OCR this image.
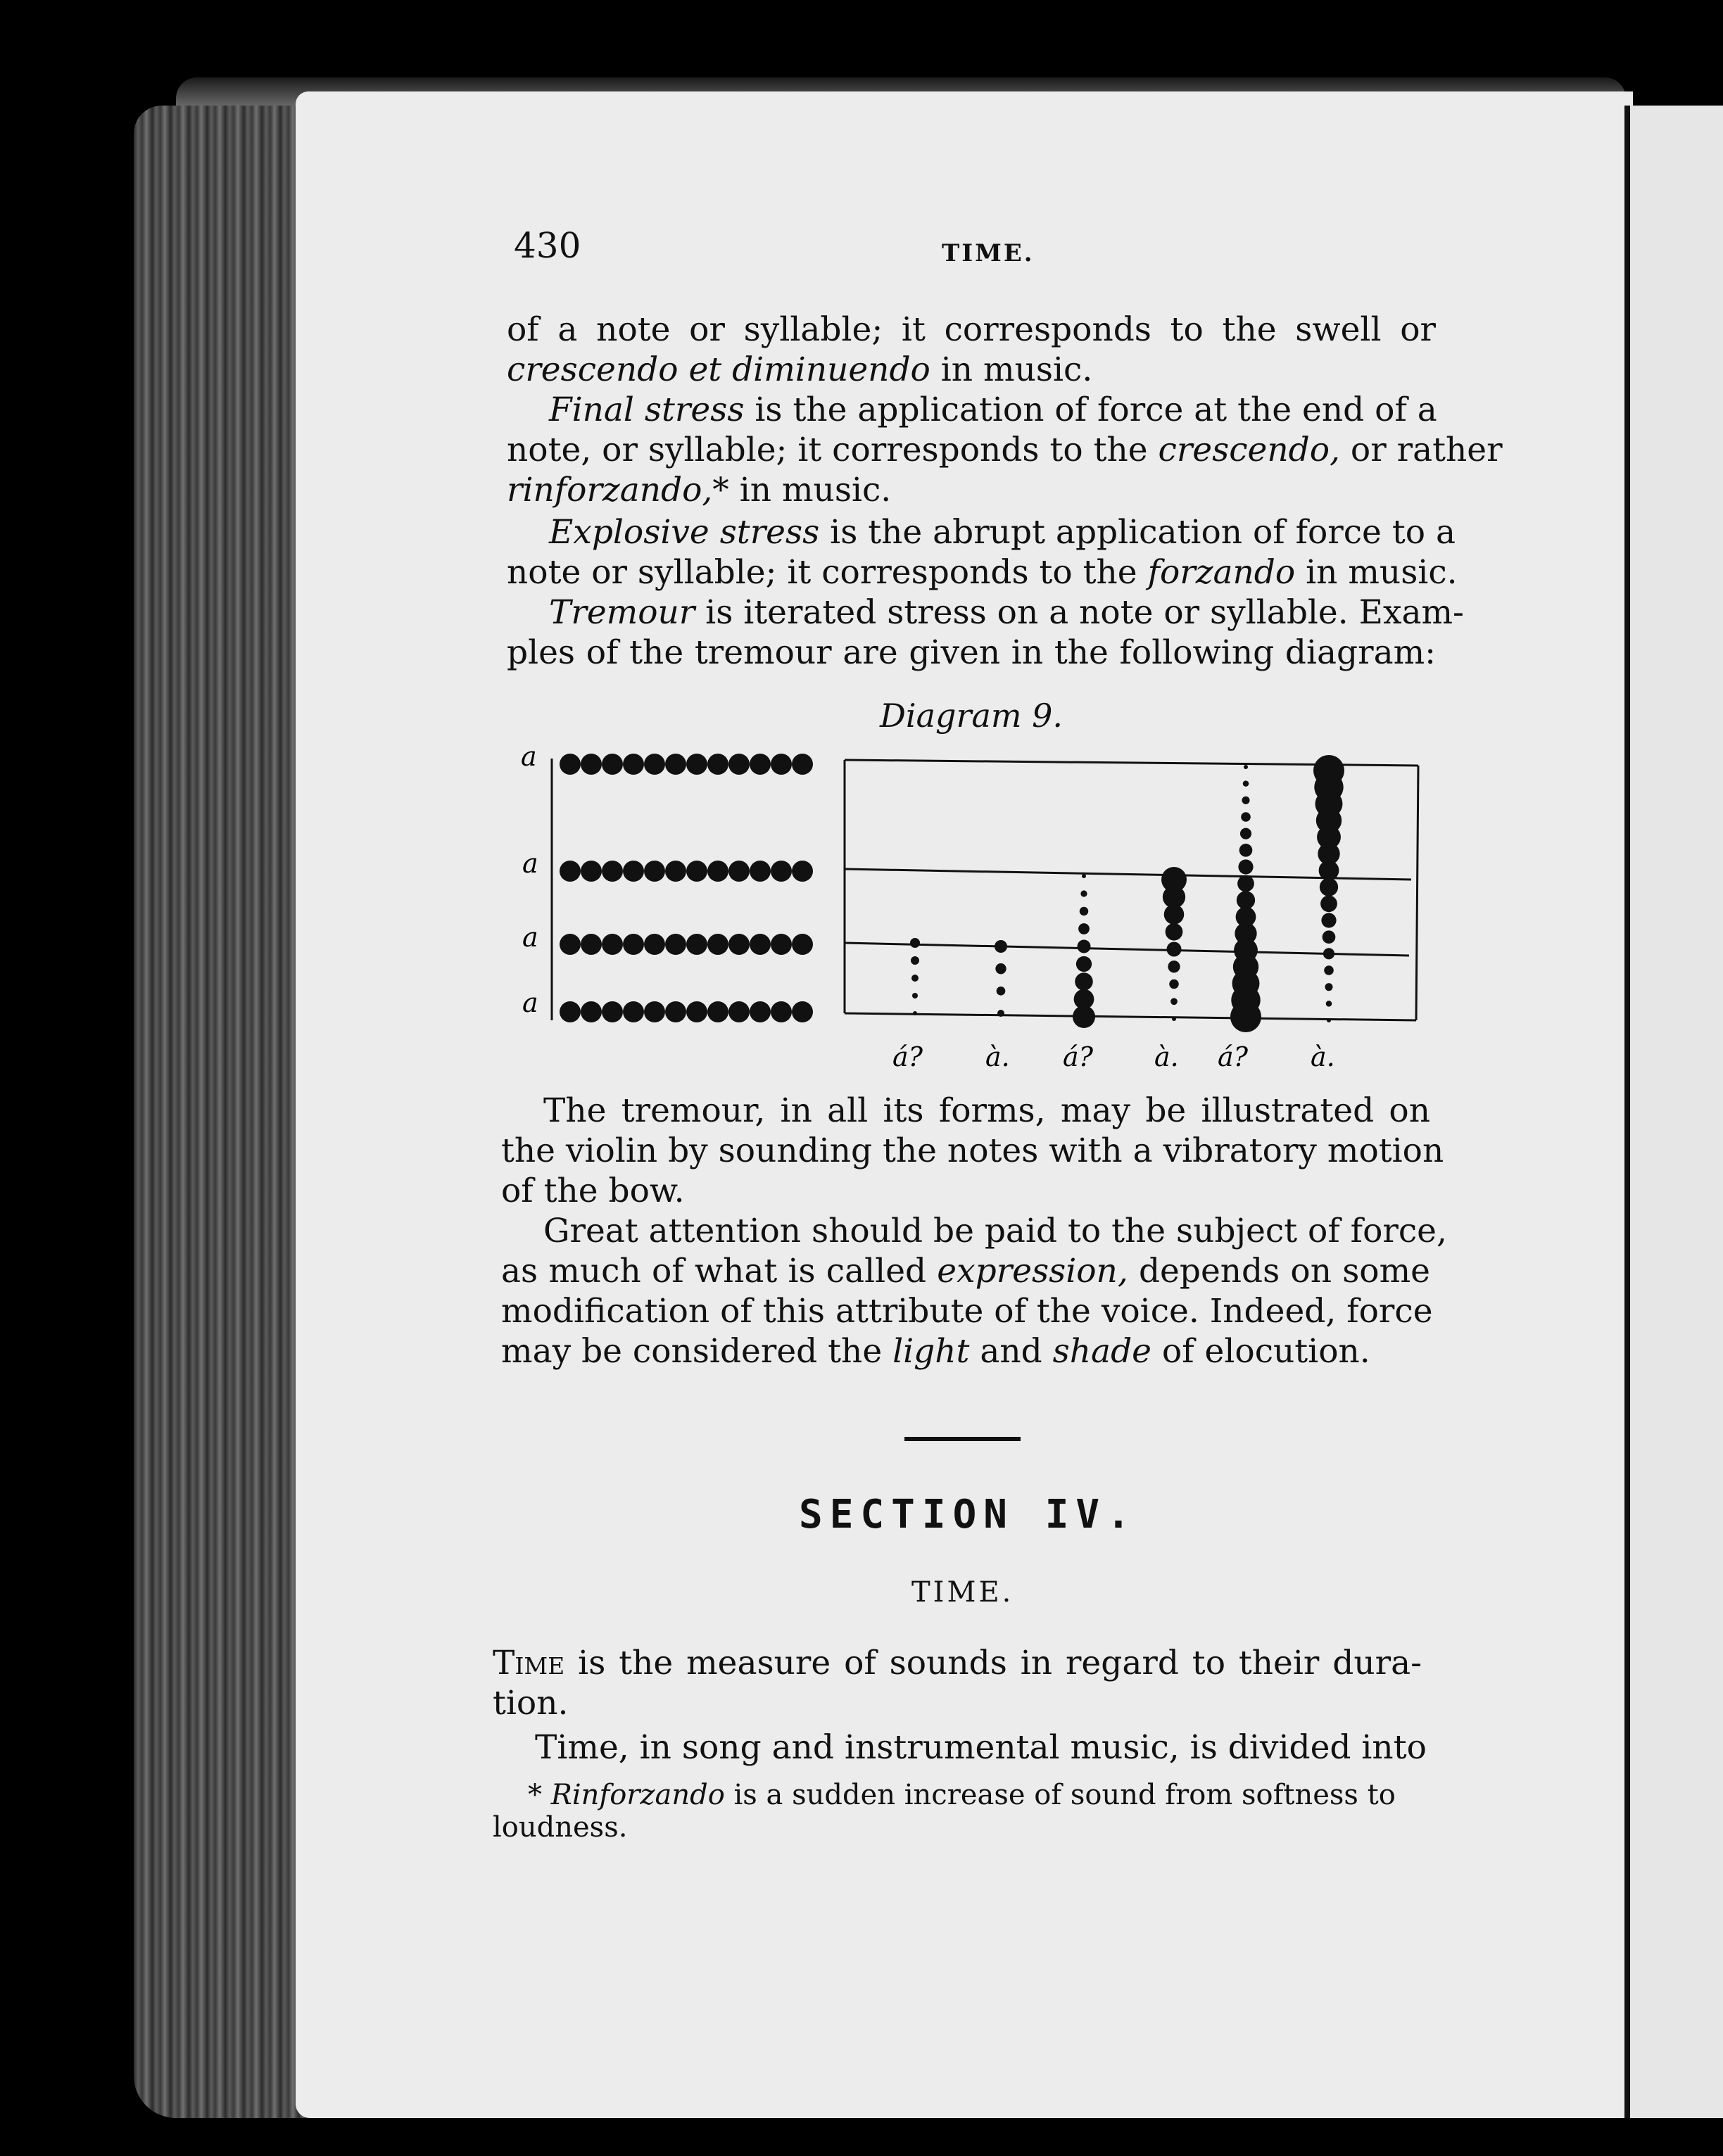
430	TIME.
of a note or syllable; it corresponds to the swell or
crescendo et diminuendo in music.
Final stress is the application of force at the end of a
note, or syllable; it corresponds to the crescendo, or rather
rinforzando,* in music.
Explosive stress is the abrupt application of force to a
note or syllable; it corresponds to the forzando in music.
Tremour is iterated stress on a note or syllable. Exam-
ples of the tremour are given in the following diagram:
Diagram 9.
a
a
a
a
á? à. á? à. á? à.
The tremour, in all its forms, may be illustrated on
the violin by sounding the notes with a vibratory motion
of the bow.
Great attention should be paid to the subject of force,
as much of what is called expression, depends on some
modification of this attribute of the voice. Indeed, force
may be considered the light and shade of elocution.
SECTION IV.
TIME.
Time is the measure of sounds in regard to their dura-
tion.
Time, in song and instrumental music, is divided into
* Rinforzando is a sudden increase of sound from softness to
loudness.
